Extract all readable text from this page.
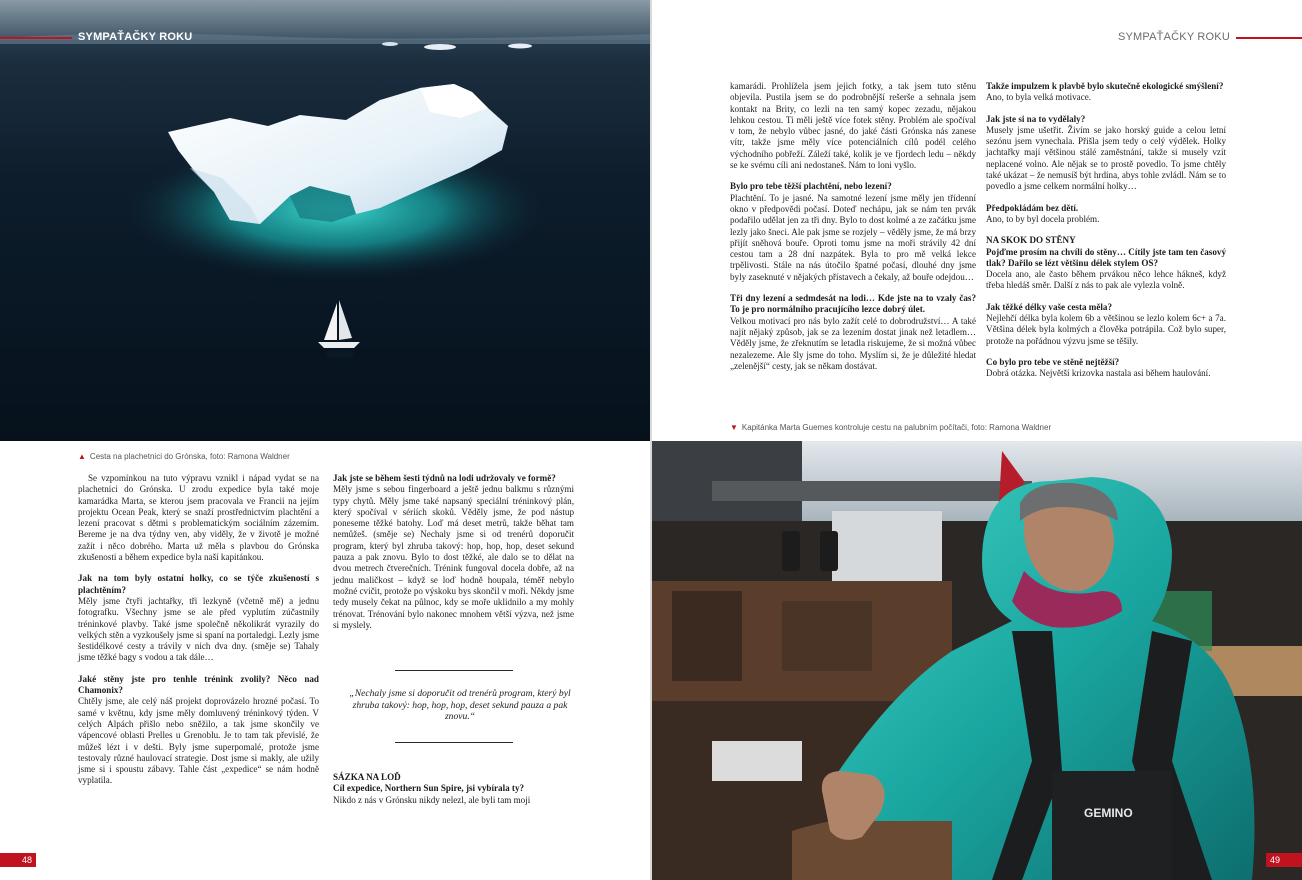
SYMPAŤAČKY ROKU
▲ Cesta na plachetnici do Grónska, foto: Ramona Waldner

Se vzpomínkou na tuto výpravu vznikl i nápad vydat se na plachetnici do Grónska. U zrodu expedice byla také moje kamarádka Marta, se kterou jsem pracovala ve Francii na jejím projektu Ocean Peak, který se snaží prostřednictvím plachtění a lezení pracovat s dětmi s problematickým sociálním zázemím. Bereme je na dva týdny ven, aby viděly, že v životě je možné zažít i něco dobrého. Marta už měla s plavbou do Grónska zkušenosti a během expedice byla naší kapitánkou.

Jak na tom byly ostatní holky, co se týče zkušeností s plachtěním?

Měly jsme čtyři jachtařky, tři lezkyně (včetně mě) a jednu fotografku. Všechny jsme se ale před vyplutím zúčastnily tréninkové plavby. Také jsme společně několikrát vyrazily do velkých stěn a vyzkoušely jsme si spaní na portaledgi. Lezly jsme šestidélkové cesty a trávily v nich dva dny. (směje se) Tahaly jsme těžké bagy s vodou a tak dále…

Jaké stěny jste pro tenhle trénink zvolily? Něco nad Chamonix?

Chtěly jsme, ale celý náš projekt doprovázelo hrozné počasí. To samé v květnu, kdy jsme měly domluvený tréninkový týden. V celých Alpách přišlo nebo sněžilo, a tak jsme skončily ve vápencové oblasti Prelles u Grenoblu. Je to tam tak převislé, že můžeš lézt i v dešti. Byly jsme superpomalé, protože jsme testovaly různé haulovací strategie. Dost jsme si makly, ale užily jsme si i spoustu zábavy. Tahle část „expedice“ se nám hodně vyplatila.

Jak jste se během šesti týdnů na lodi udržovaly ve formě?

Měly jsme s sebou fingerboard a ještě jednu balkmu s různými typy chytů. Měly jsme také napsaný speciální tréninkový plán, který spočíval v sériích skoků. Věděly jsme, že pod nástup poneseme těžké batohy. Loď má deset metrů, takže běhat tam nemůžeš. (směje se) Nechaly jsme si od trenérů doporučit program, který byl zhruba takový: hop, hop, hop, deset sekund pauza a pak znovu. Bylo to dost těžké, ale dalo se to dělat na dvou metrech čtverečních. Trénink fungoval docela dobře, až na jednu maličkost – když se loď hodně houpala, téměř nebylo možné cvičit, protože po výskoku bys skončil v moři. Někdy jsme tedy musely čekat na půlnoc, kdy se moře uklidnilo a my mohly trénovat. Trénování bylo nakonec mnohem větší výzva, než jsme si myslely.

„Nechaly jsme si doporučit od trenérů program, který byl zhruba takový: hop, hop, hop, deset sekund pauza a pak znovu.“

SÁZKA NA LOĎ

Cíl expedice, Northern Sun Spire, jsi vybírala ty?

Nikdo z nás v Grónsku nikdy nelezl, ale byli tam moji

48
SYMPAŤAČKY ROKU

kamarádi. Prohlížela jsem jejich fotky, a tak jsem tuto stěnu objevila. Pustila jsem se do podrobnější rešerše a sehnala jsem kontakt na Brity, co lezli na ten samý kopec zezadu, nějakou lehkou cestou. Ti měli ještě více fotek stěny. Problém ale spočíval v tom, že nebylo vůbec jasné, do jaké části Grónska nás zanese vítr, takže jsme měly více potenciálních cílů podél celého východního pobřeží. Záleží také, kolik je ve fjordech ledu – někdy se ke svému cíli ani nedostaneš. Nám to loni vyšlo.

Bylo pro tebe těžší plachtění, nebo lezení?

Plachtění. To je jasné. Na samotné lezení jsme měly jen třídenní okno v předpovědi počasí. Doteď nechápu, jak se nám ten prvák podařilo udělat jen za tři dny. Bylo to dost kolmé a ze začátku jsme lezly jako šneci. Ale pak jsme se rozjely – věděly jsme, že má brzy přijít sněhová bouře. Oproti tomu jsme na moři strávily 42 dní cestou tam a 28 dní nazpátek. Byla to pro mě velká lekce trpělivosti. Stále na nás útočilo špatné počasí, dlouhé dny jsme byly zaseknuté v nějakých přístavech a čekaly, až bouře odejdou…

Tři dny lezení a sedmdesát na lodi… Kde jste na to vzaly čas? To je pro normálního pracujícího lezce dobrý úlet.

Velkou motivací pro nás bylo zažít celé to dobrodružství… A také najít nějaký způsob, jak se za lezením dostat jinak než letadlem… Věděly jsme, že zřeknutím se letadla riskujeme, že si možná vůbec nezalezeme. Ale šly jsme do toho. Myslím si, že je důležité hledat „zelenější“ cesty, jak se někam dostávat.

Takže impulzem k plavbě bylo skutečně ekologické smýšlení?

Ano, to byla velká motivace.

Jak jste si na to vydělaly?

Musely jsme ušetřit. Živím se jako horský guide a celou letní sezónu jsem vynechala. Přišla jsem tedy o celý výdělek. Holky jachtařky mají většinou stálé zaměstnání, takže si musely vzít neplacené volno. Ale nějak se to prostě povedlo. To jsme chtěly také ukázat – že nemusíš být hrdina, abys tohle zvládl. Nám se to povedlo a jsme celkem normální holky…

Předpokládám bez dětí.

Ano, to by byl docela problém.

NA SKOK DO STĚNY

Pojďme prosím na chvíli do stěny… Cítily jste tam ten časový tlak? Dařilo se lézt většinu délek stylem OS?

Docela ano, ale často během prvákou něco lehce hákneš, když třeba hledáš směr. Další z nás to pak ale vylezla volně.

Jak těžké délky vaše cesta měla?

Nejlehčí délka byla kolem 6b a většinou se lezlo kolem 6c+ a 7a. Většina délek byla kolmých a člověka potrápila. Což bylo super, protože na pořádnou výzvu jsme se těšily.

Co bylo pro tebe ve stěně nejtěžší?

Dobrá otázka. Největší krizovka nastala asi během haulování.

▼ Kapitánka Marta Guemes kontroluje cestu na palubním počítači, foto: Ramona Waldner
GEMINO
49
